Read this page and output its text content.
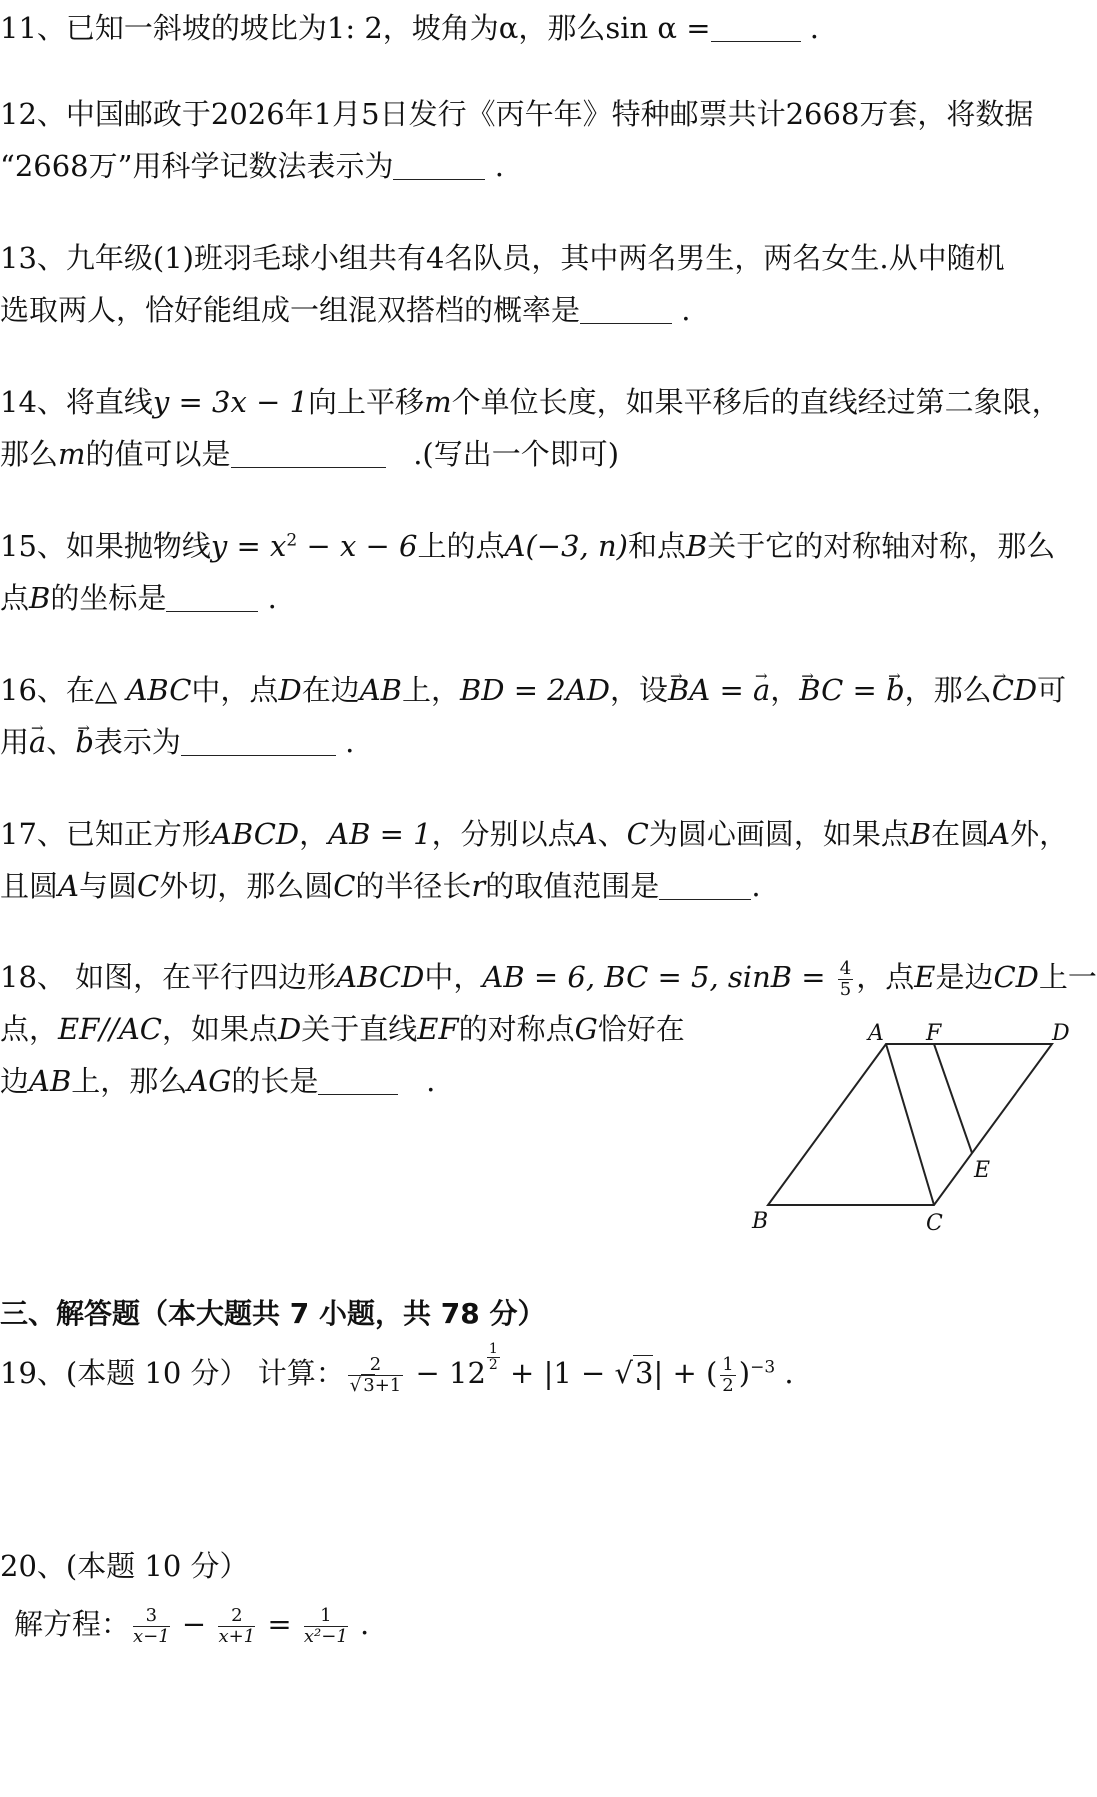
11、已知一斜坡的坡比为1: 2，坡角为α，那么sin α =	.
12、中国邮政于2026年1月5日发行《丙午年》特种邮票共计2668万套，将数据
“2668万”用科学记数法表示为	.
13、九年级(1)班羽毛球小组共有4名队员，其中两名男生，两名女生.从中随机
选取两人，恰好能组成一组混双搭档的概率是	.
14、将直线y = 3x − 1向上平移m个单位长度，如果平移后的直线经过第二象限，
那么m的值可以是	.(写出一个即可)
15、如果抛物线$y = x^2 - x - 6$上的点A(−3, n)和点B关于它的对称轴对称，那么
点B的坐标是	.
16、在△ ABC中，点D在边AB上，BD = 2AD，设→ BA = → a，→ BC = → b，那么→ CD可
用→ a、→ b表示为	.
17、已知正方形ABCD，AB = 1，分别以点A、C为圆心画圆，如果点B在圆A外，
且圆A与圆C外切，那么圆C的半径长r的取值范围是	.
18、 如图，在平行四边形ABCD中，AB = 6, BC = 5, $\sin B = \frac{4}{5}$ ，点E是边CD上一
点，EF//AC，如果点D关于直线EF的对称点G恰好在
边AB上，那么AG的长是	.
A F	D
E
B	C
三、解答题（本大题共 7 小题，共 78 分）
19、(本题 10 分） 计算： $\frac{2}{√ 3+1} - 12 \frac{1}{2} + |1 - √3|$ + ( $\frac{1}{2} )^{-3}$ .
20、(本题 10 分）
解方程： $\frac{3}{x-1} - \frac{2}{x+1} = \frac{1}{\text{x²−1}}$ .
